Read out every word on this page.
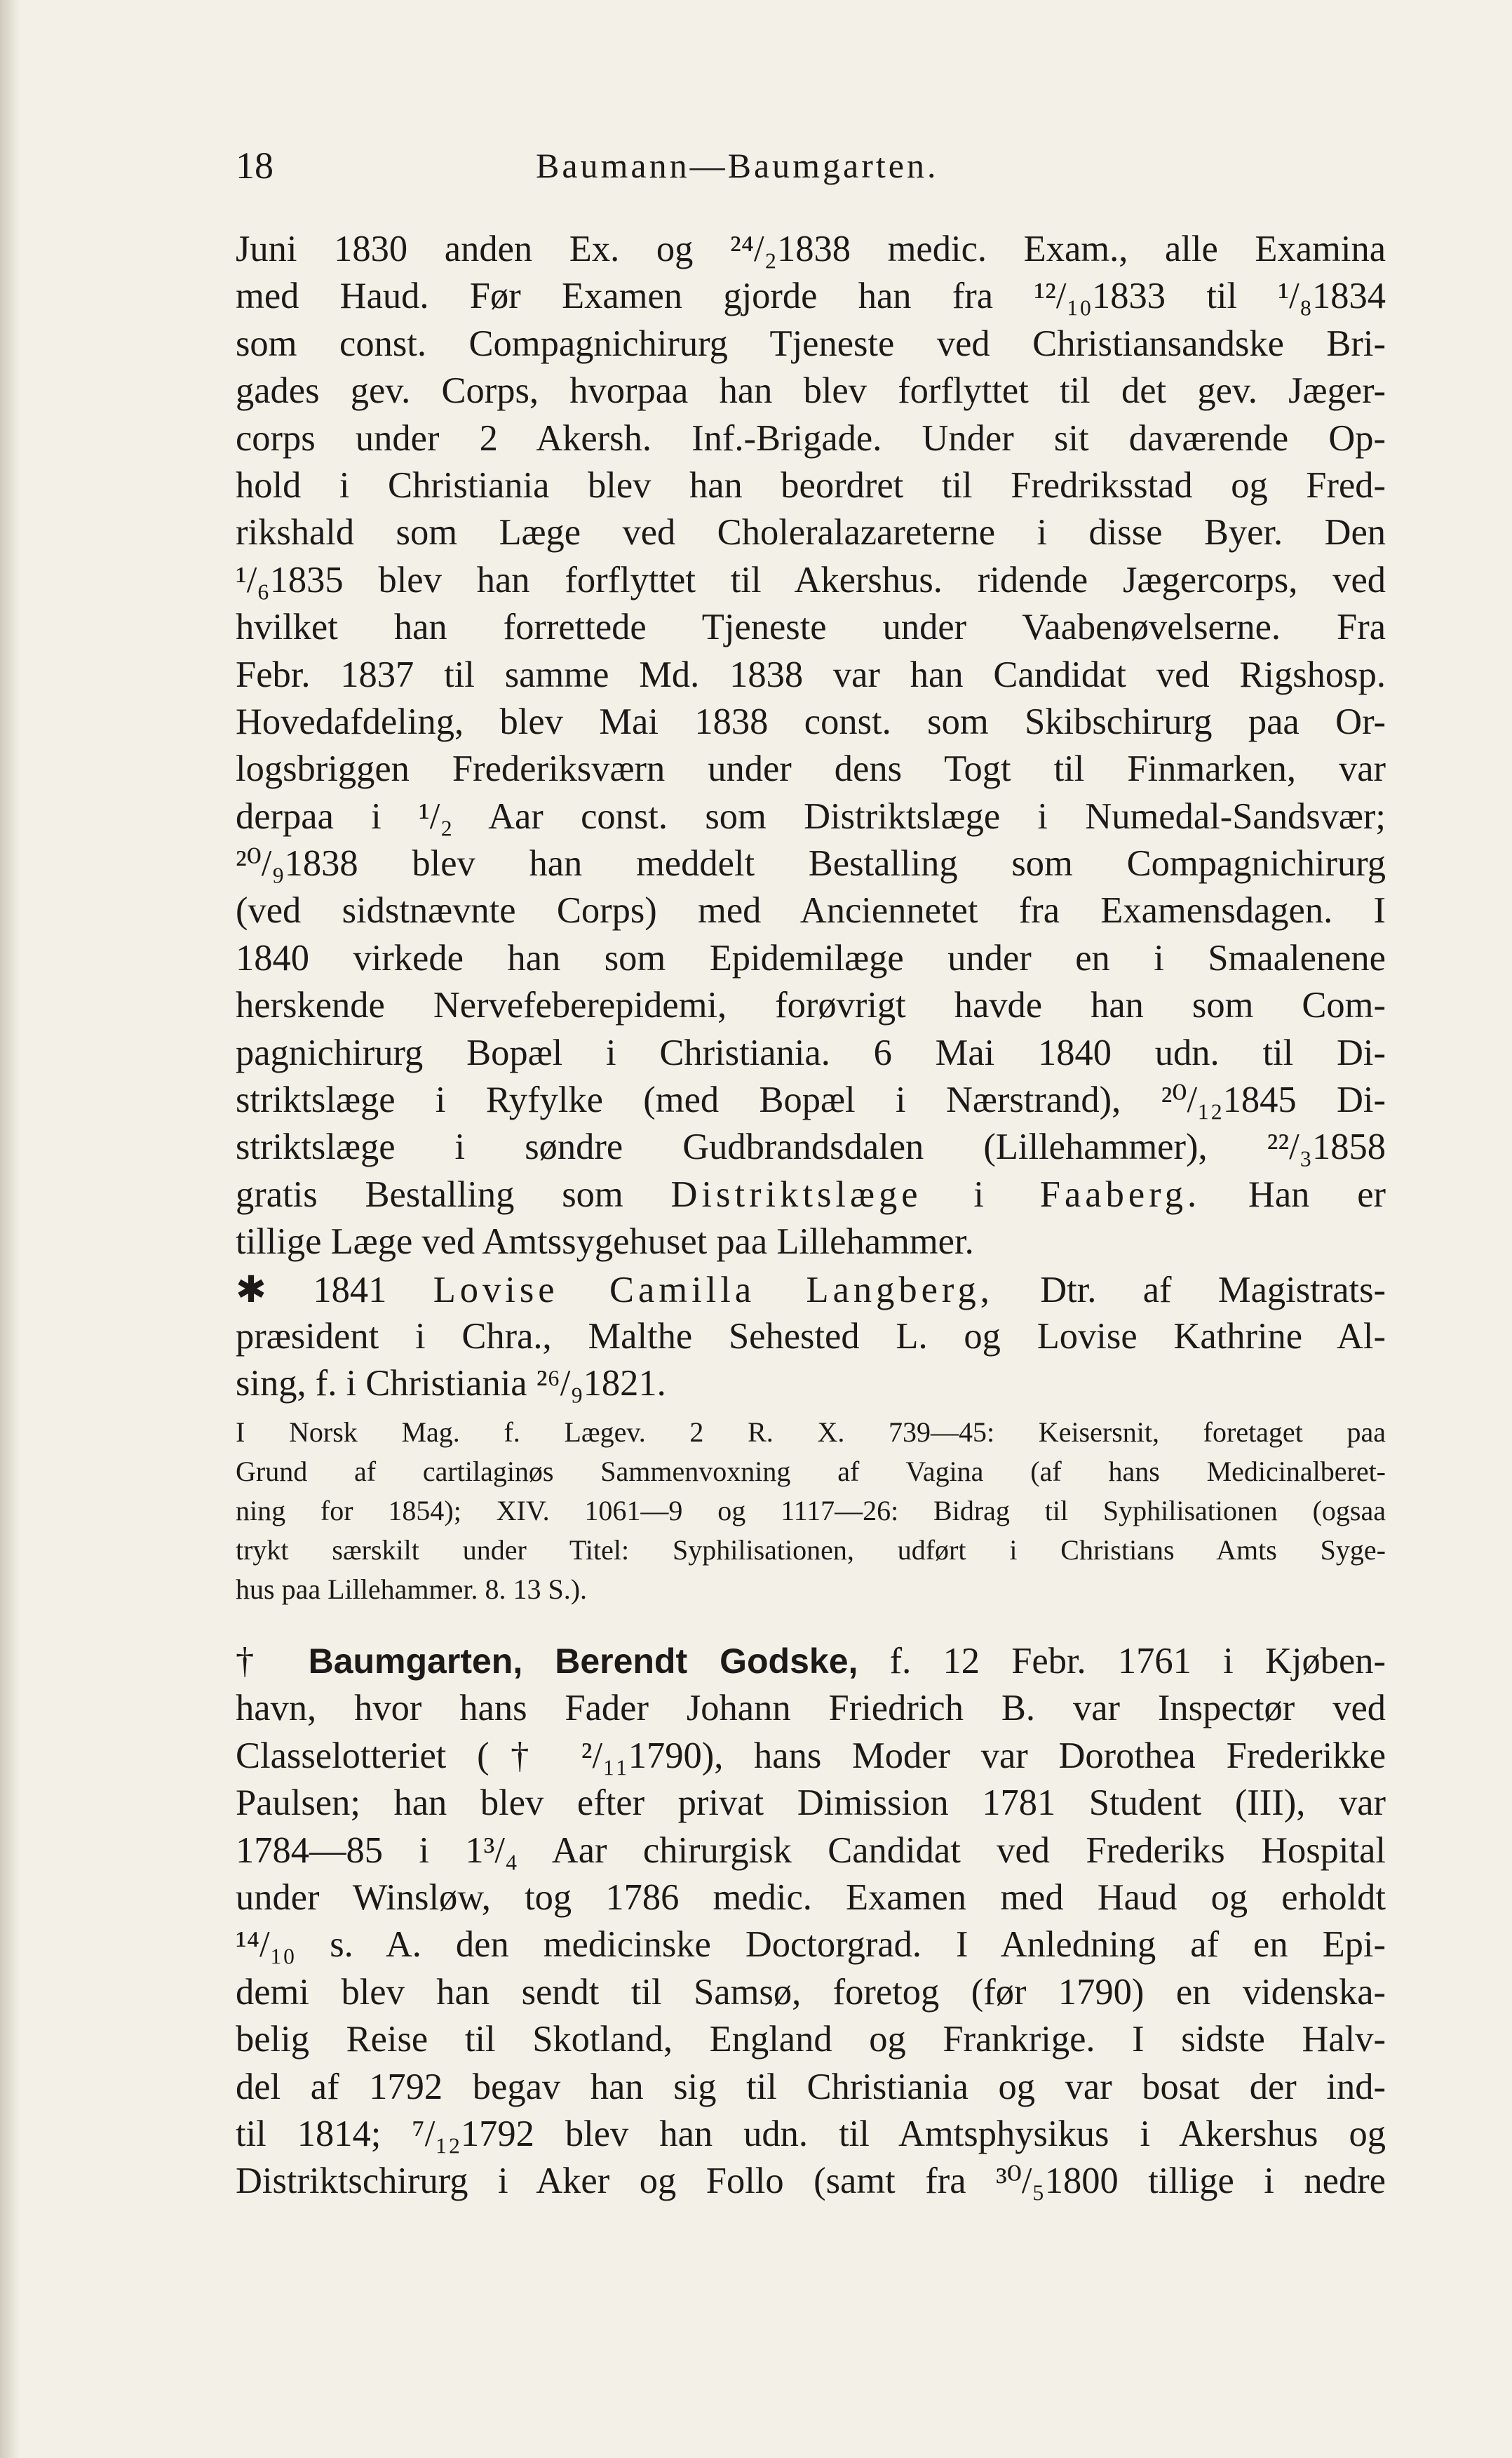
18	Baumann—Baumgarten.
Juni 1830 anden Ex. og ²⁴/₂1838 medic. Exam., alle Examina
med Haud. Før Examen gjorde han fra ¹²/₁₀1833 til ¹/₈1834
som const. Compagnichirurg Tjeneste ved Christiansandske Bri-
gades gev. Corps, hvorpaa han blev forflyttet til det gev. Jæger-
corps under 2 Akersh. Inf.-Brigade. Under sit daværende Op-
hold i Christiania blev han beordret til Fredriksstad og Fred-
rikshald som Læge ved Choleralazareterne i disse Byer. Den
¹/₆1835 blev han forflyttet til Akershus. ridende Jægercorps, ved
hvilket han forrettede Tjeneste under Vaabenøvelserne. Fra
Febr. 1837 til samme Md. 1838 var han Candidat ved Rigshosp.
Hovedafdeling, blev Mai 1838 const. som Skibschirurg paa Or-
logsbriggen Frederiksværn under dens Togt til Finmarken, var
derpaa i ¹/₂ Aar const. som Distriktslæge i Numedal-Sandsvær;
²⁰/₉1838 blev han meddelt Bestalling som Compagnichirurg
(ved sidstnævnte Corps) med Anciennetet fra Examensdagen. I
1840 virkede han som Epidemilæge under en i Smaalenene
herskende Nervefeberepidemi, forøvrigt havde han som Com-
pagnichirurg Bopæl i Christiania. 6 Mai 1840 udn. til Di-
striktslæge i Ryfylke (med Bopæl i Nærstrand), ²⁰/₁₂1845 Di-
striktslæge i søndre Gudbrandsdalen (Lillehammer), ²²/₃1858
gratis Bestalling som Distriktslæge i Faaberg. Han er
tillige Læge ved Amtssygehuset paa Lillehammer.
✱ 1841 Lovise Camilla Langberg, Dtr. af Magistrats-
præsident i Chra., Malthe Sehested L. og Lovise Kathrine Al-
sing, f. i Christiania ²⁶/₉1821.
I Norsk Mag. f. Lægev. 2 R. X. 739—45: Keisersnit, foretaget paa
Grund af cartilaginøs Sammenvoxning af Vagina (af hans Medicinalberet-
ning for 1854); XIV. 1061—9 og 1117—26: Bidrag til Syphilisationen (ogsaa
trykt særskilt under Titel: Syphilisationen, udført i Christians Amts Syge-
hus paa Lillehammer. 8. 13 S.).
† Baumgarten, Berendt Godske, f. 12 Febr. 1761 i Kjøben-
havn, hvor hans Fader Johann Friedrich B. var Inspectør ved
Classelotteriet († ²/₁₁1790), hans Moder var Dorothea Frederikke
Paulsen; han blev efter privat Dimission 1781 Student (III), var
1784—85 i 1³/₄ Aar chirurgisk Candidat ved Frederiks Hospital
under Winsløw, tog 1786 medic. Examen med Haud og erholdt
¹⁴/₁₀ s. A. den medicinske Doctorgrad. I Anledning af en Epi-
demi blev han sendt til Samsø, foretog (før 1790) en videnska-
belig Reise til Skotland, England og Frankrige. I sidste Halv-
del af 1792 begav han sig til Christiania og var bosat der ind-
til 1814; ⁷/₁₂1792 blev han udn. til Amtsphysikus i Akershus og
Distriktschirurg i Aker og Follo (samt fra ³⁰/₅1800 tillige i nedre
